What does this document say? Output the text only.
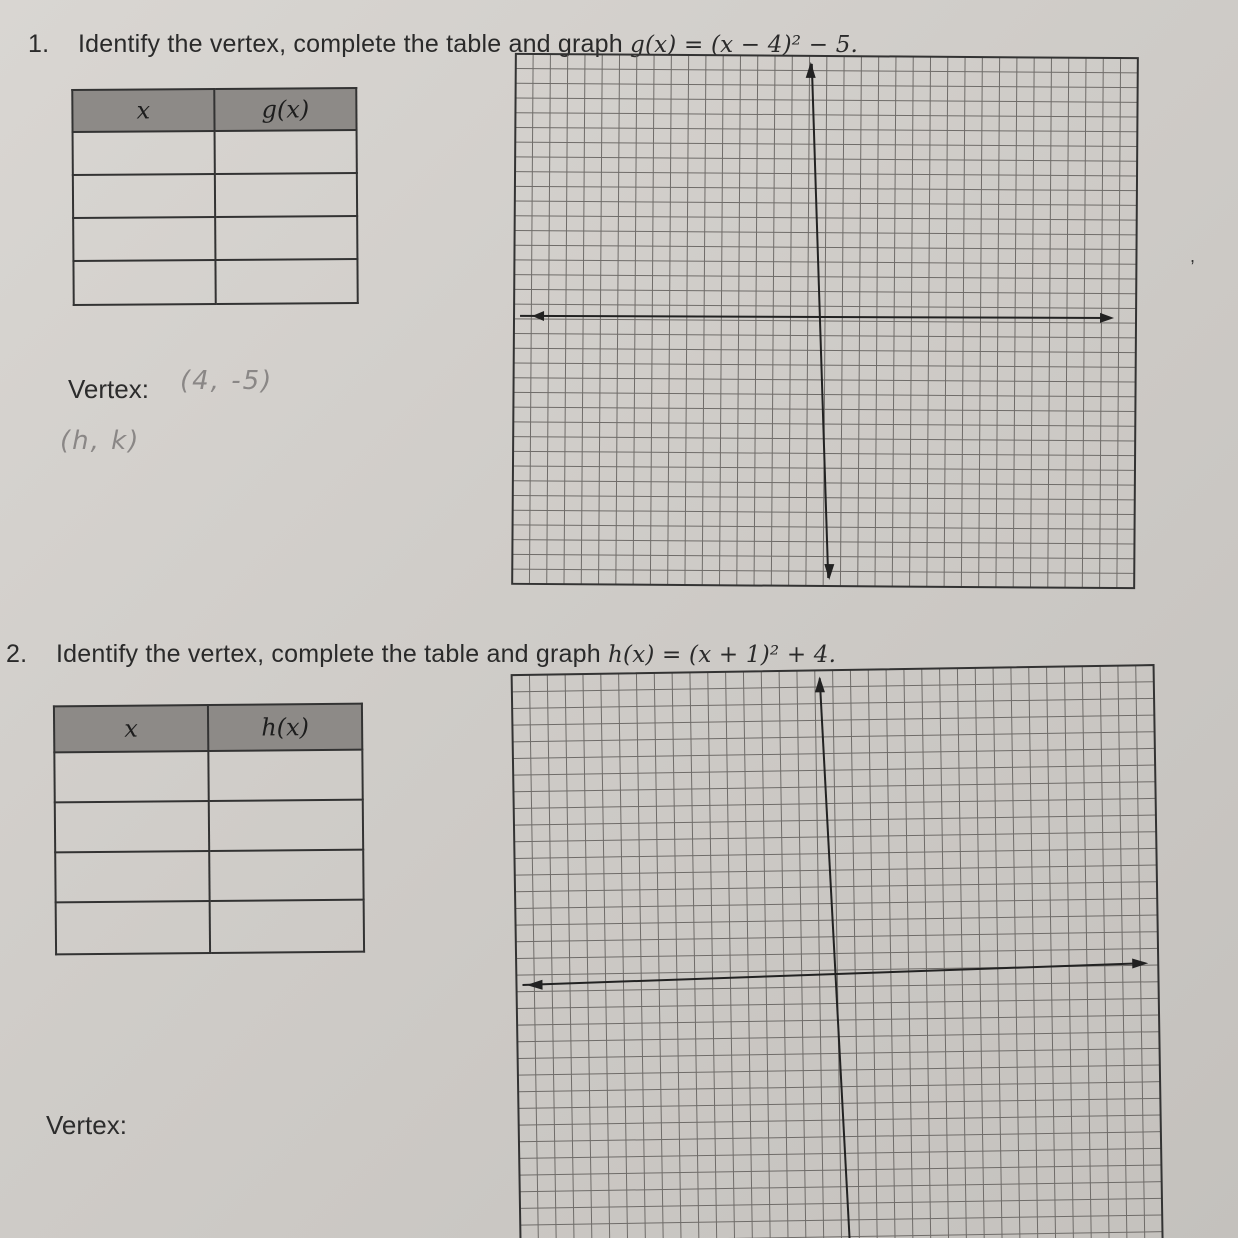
1. Identify the vertex, complete the table and graph g(x) = (x − 4)² − 5.
x	g(x)

Vertex: (4, -5)
(h, k)
2. Identify the vertex, complete the table and graph h(x) = (x + 1)² + 4.
x	h(x)

Vertex:
,
